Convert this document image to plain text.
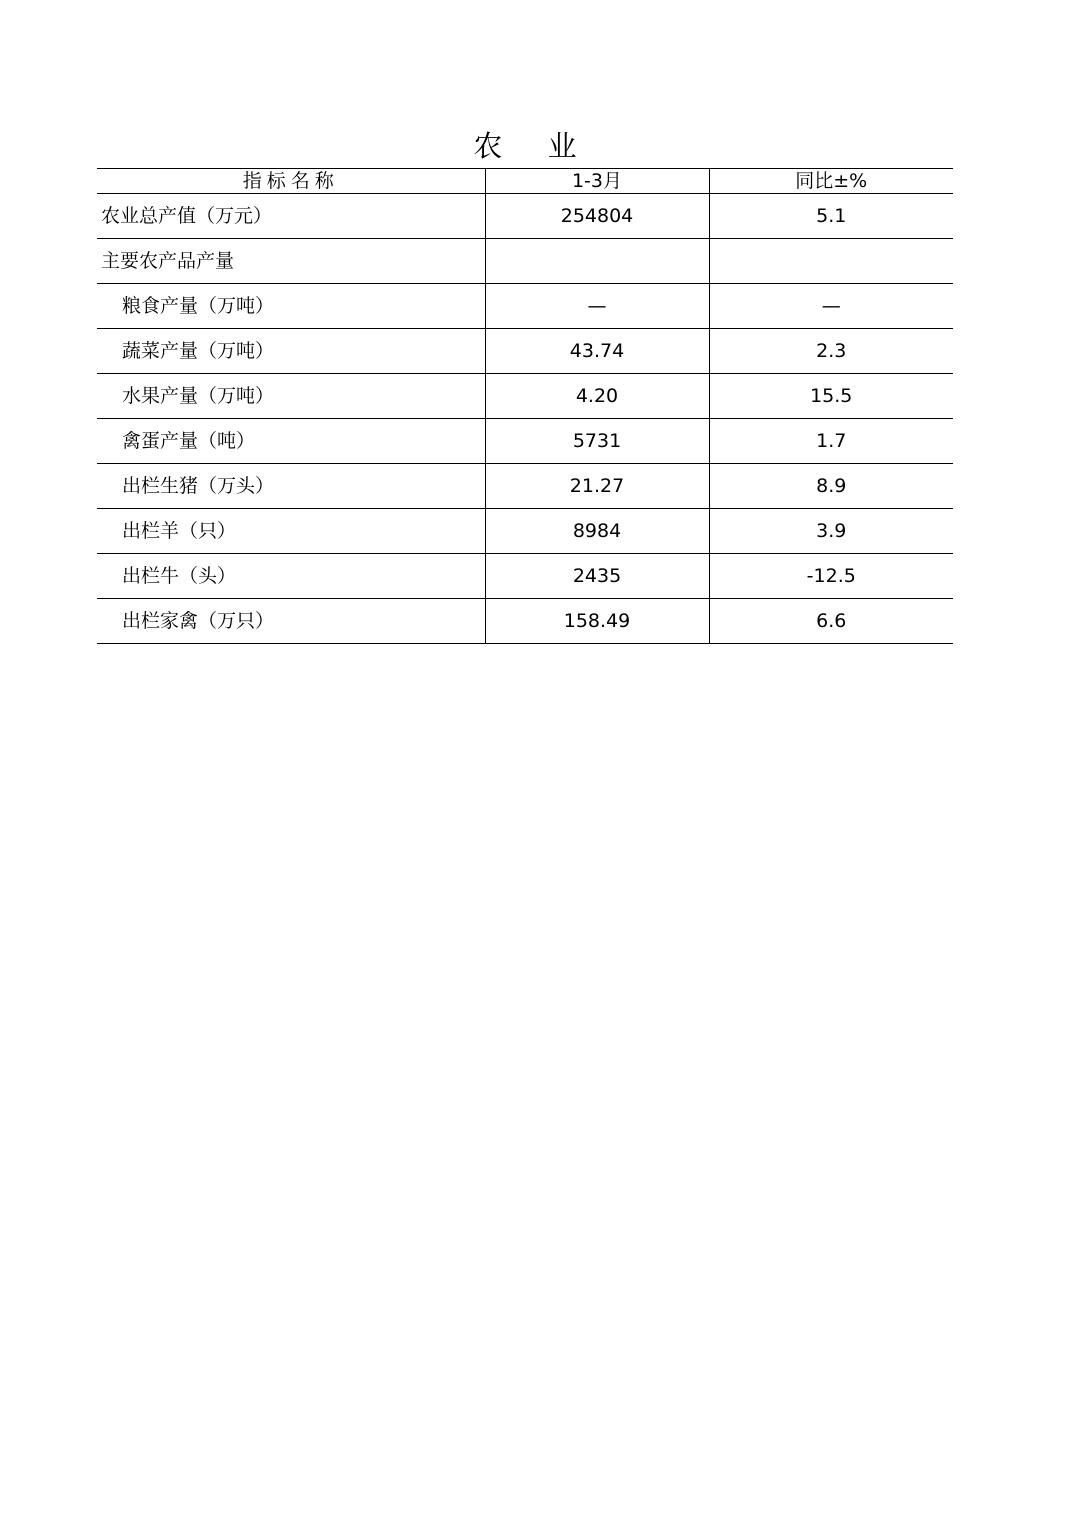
农 业
指标名称	1-3月	同比±%
农业总产值（万元）	254804	5.1
主要农产品产量		
粮食产量（万吨）	—	—
蔬菜产量（万吨）	43.74	2.3
水果产量（万吨）	4.20	15.5
禽蛋产量（吨）	5731	1.7
出栏生猪（万头）	21.27	8.9
出栏羊（只）	8984	3.9
出栏牛（头）	2435	-12.5
出栏家禽（万只）	158.49	6.6
